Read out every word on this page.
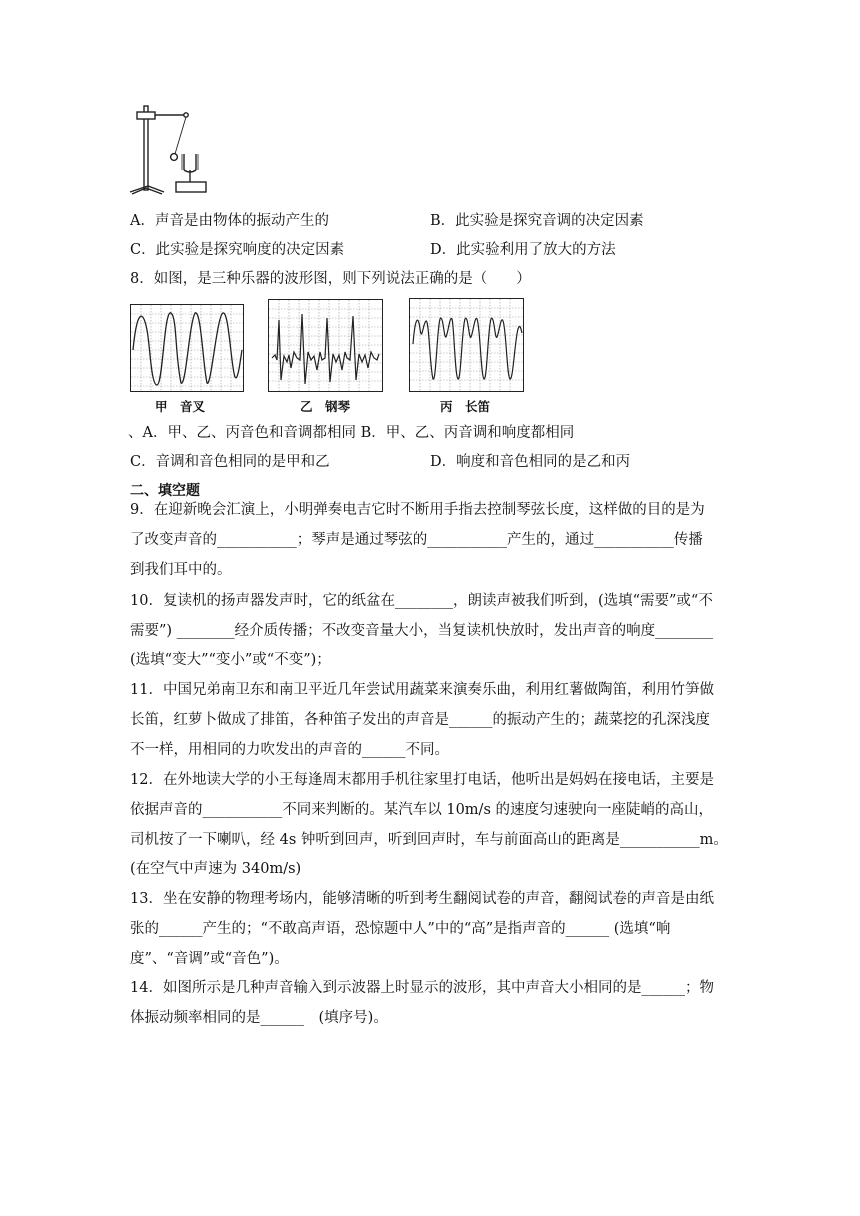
A．声音是由物体的振动产生的	B．此实验是探究音调的决定因素
C．此实验是探究响度的决定因素	D．此实验利用了放大的方法
8．如图，是三种乐器的波形图，则下列说法正确的是（　　）
甲　音叉	乙　钢琴	丙　长笛
、A．甲、乙、丙音色和音调都相同 B．甲、乙、丙音调和响度都相同
C．音调和音色相同的是甲和乙	D．响度和音色相同的是乙和丙
二、填空题
9．在迎新晚会汇演上，小明弹奏电吉它时不断用手指去控制琴弦长度，这样做的目的是为
了改变声音的___________；琴声是通过琴弦的___________产生的，通过___________传播
到我们耳中的。
10．复读机的扬声器发声时，它的纸盆在________，朗读声被我们听到，(选填“需要”或“不
需要”) ________经介质传播；不改变音量大小，当复读机快放时，发出声音的响度________
(选填“变大”“变小”或“不变”)；
11．中国兄弟南卫东和南卫平近几年尝试用蔬菜来演奏乐曲，利用红薯做陶笛，利用竹笋做
长笛，红萝卜做成了排笛，各种笛子发出的声音是______的振动产生的；蔬菜挖的孔深浅度
不一样，用相同的力吹发出的声音的______不同。
12．在外地读大学的小王每逢周末都用手机往家里打电话，他听出是妈妈在接电话，主要是
依据声音的___________不同来判断的。某汽车以 10m/s 的速度匀速驶向一座陡峭的高山，
司机按了一下喇叭，经 4s 钟听到回声，听到回声时，车与前面高山的距离是___________m。
(在空气中声速为 340m/s)
13．坐在安静的物理考场内，能够清晰的听到考生翻阅试卷的声音，翻阅试卷的声音是由纸
张的______产生的；“不敢高声语，恐惊题中人”中的“高”是指声音的______ (选填“响
度”、“音调”或“音色”)。
14．如图所示是几种声音输入到示波器上时显示的波形，其中声音大小相同的是______；物
体振动频率相同的是______　(填序号)。
